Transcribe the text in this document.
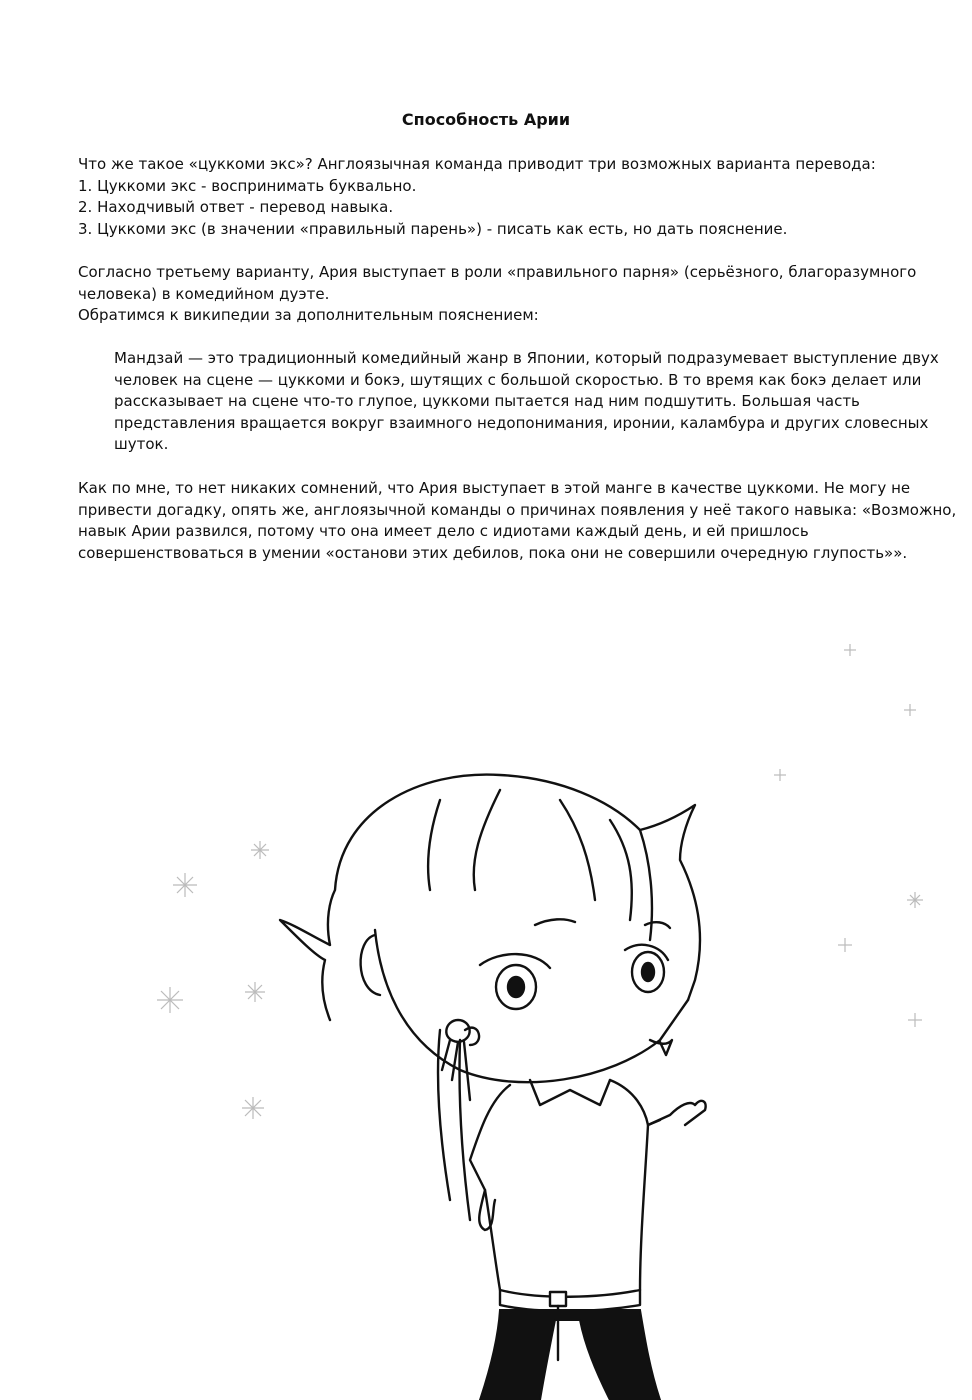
Способность Арии
Что же такое «цуккоми экс»? Англоязычная команда приводит три возможных варианта перевода:
1. Цуккоми экс - воспринимать буквально.
2. Находчивый ответ - перевод навыка.
3. Цуккоми экс (в значении «правильный парень») - писать как есть, но дать пояснение.
Согласно третьему варианту, Ария выступает в роли «правильного парня» (серьёзного, благоразумного
человека) в комедийном дуэте.
Обратимся к википедии за дополнительным пояснением:
Мандзай — это традиционный комедийный жанр в Японии, который подразумевает выступление двух
человек на сцене — цуккоми и бокэ, шутящих с большой скоростью. В то время как бокэ делает или
рассказывает на сцене что-то глупое, цуккоми пытается над ним подшутить. Большая часть
представления вращается вокруг взаимного недопонимания, иронии, каламбура и других словесных
шуток.
Как по мне, то нет никаких сомнений, что Ария выступает в этой манге в качестве цуккоми. Не могу не
привести догадку, опять же, англоязычной команды о причинах появления у неё такого навыка: «Возможно,
навык Арии развился, потому что она имеет дело с идиотами каждый день, и ей пришлось
совершенствоваться в умении «останови этих дебилов, пока они не совершили очередную глупость»».
